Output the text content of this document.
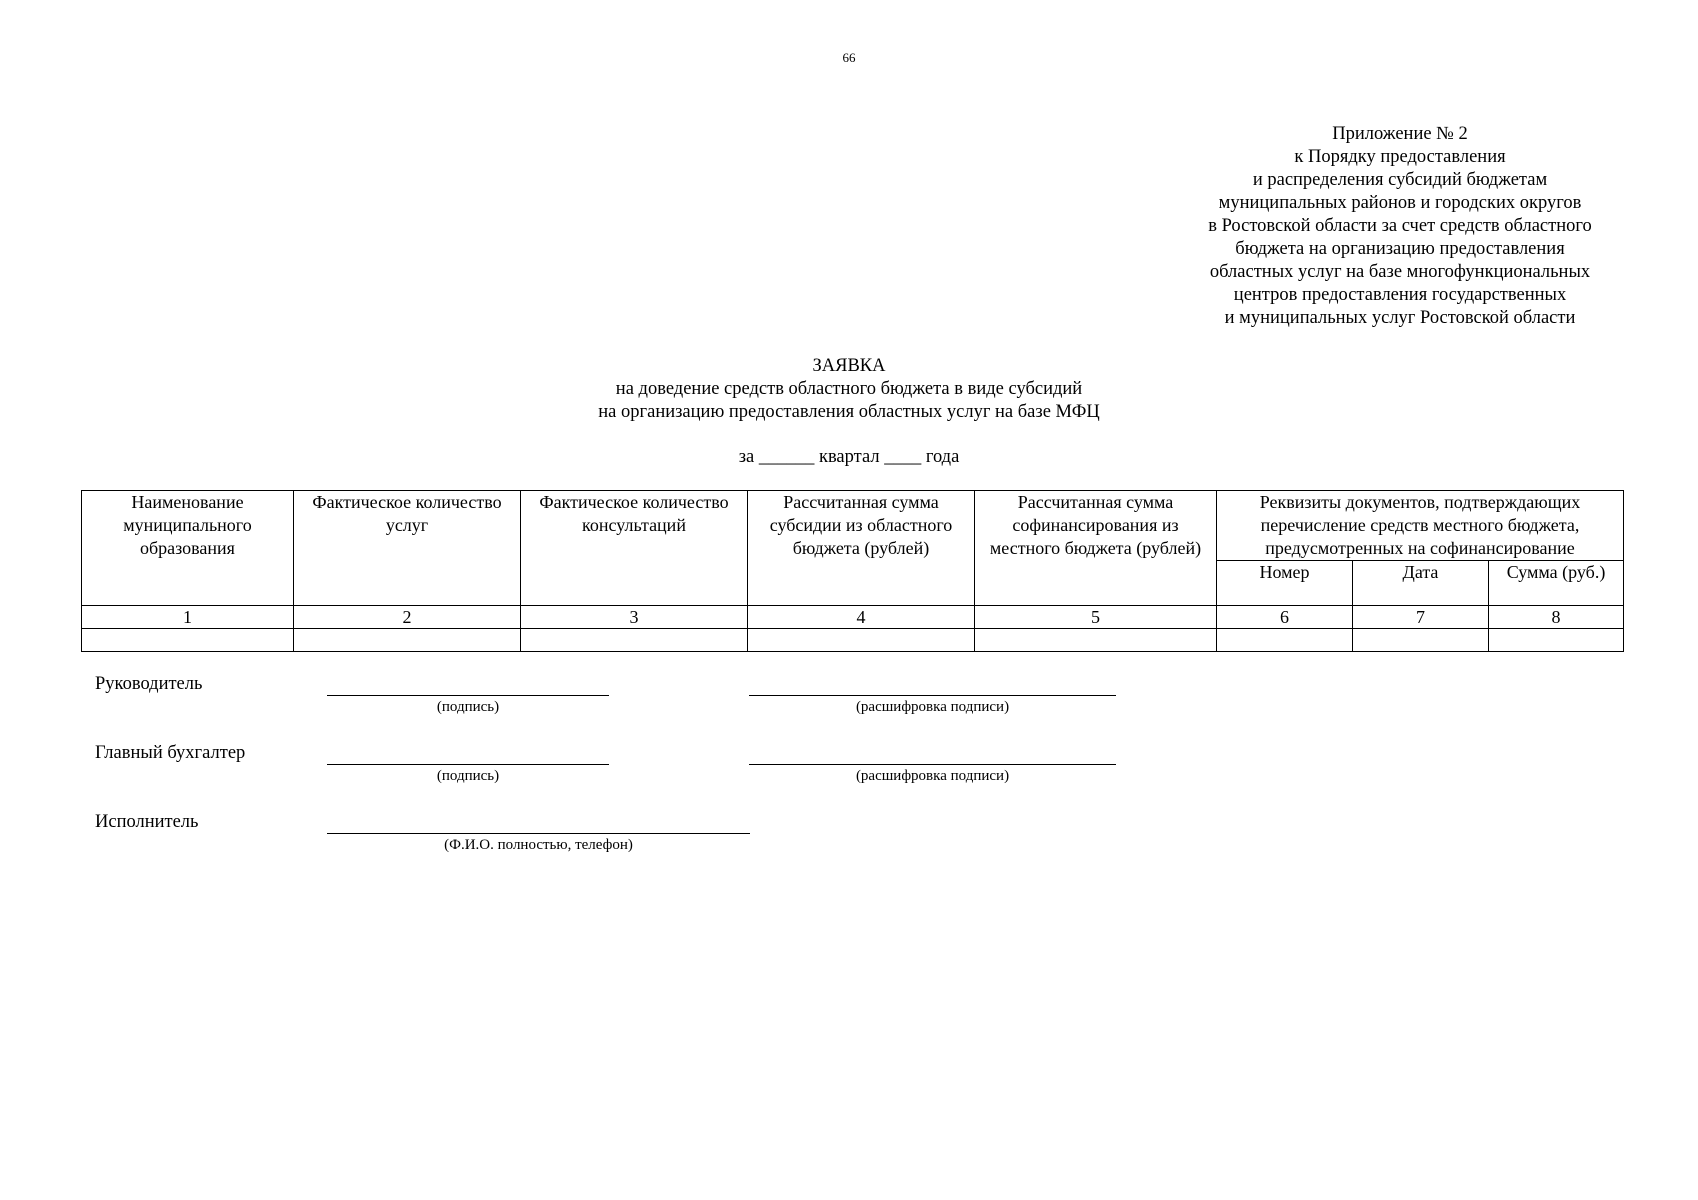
66
Приложение № 2
к Порядку предоставления
и распределения субсидий бюджетам
муниципальных районов и городских округов
в Ростовской области за счет средств областного
бюджета на организацию предоставления
областных услуг на базе многофункциональных
центров предоставления государственных
и муниципальных услуг Ростовской области
ЗАЯВКА
на доведение средств областного бюджета в виде субсидий
на организацию предоставления областных услуг на базе МФЦ
за ______ квартал ____ года
Наименование муниципального образования	Фактическое количество услуг	Фактическое количество консультаций	Рассчитанная сумма субсидии из областного бюджета (рублей)	Рассчитанная сумма софинансирования из местного бюджета (рублей)	Реквизиты документов, подтверждающих перечисление средств местного бюджета, предусмотренных на софинансирование		
					Номер	Дата	Сумма (руб.)
1	2	3	4	5	6	7	8

Руководитель
(подпись)	(расшифровка подписи)
Главный бухгалтер
(подпись)	(расшифровка подписи)
Исполнитель
(Ф.И.О. полностью, телефон)
